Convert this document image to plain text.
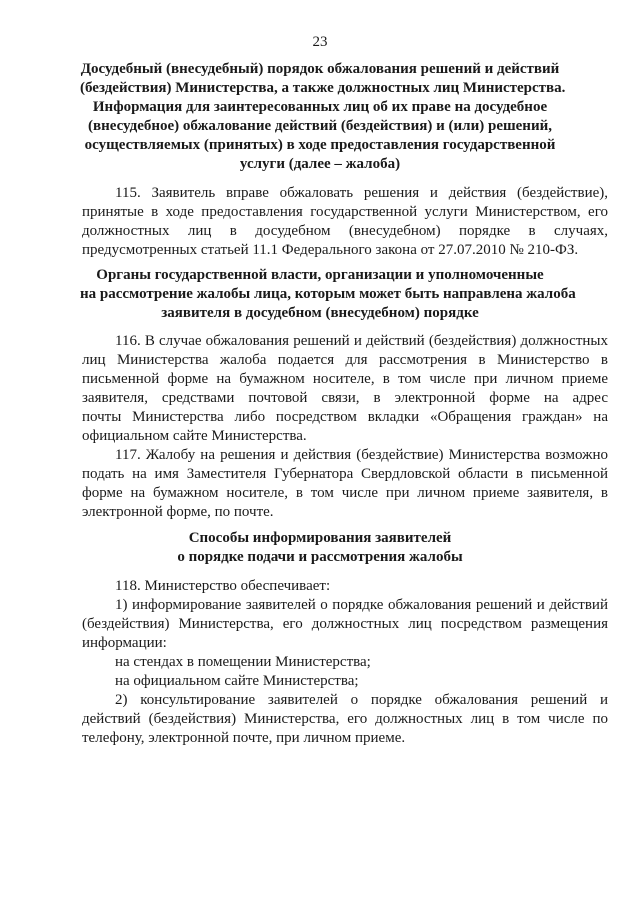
23
Досудебный (внесудебный) порядок обжалования решений и действий
(бездействия) Министерства, а также должностных лиц Министерства.
Информация для заинтересованных лиц об их праве на досудебное
(внесудебное) обжалование действий (бездействия) и (или) решений,
осуществляемых (принятых) в ходе предоставления государственной
услуги (далее – жалоба)
115. Заявитель вправе обжаловать решения и действия (бездействие),
принятые в ходе предоставления государственной услуги Министерством, его
должностных лиц в досудебном (внесудебном) порядке в случаях,
предусмотренных статьей 11.1 Федерального закона от 27.07.2010 № 210-ФЗ.
Органы государственной власти, организации и уполномоченные
на рассмотрение жалобы лица, которым может быть направлена жалоба
заявителя в досудебном (внесудебном) порядке
116. В случае обжалования решений и действий (бездействия) должностных
лиц Министерства жалоба подается для рассмотрения в Министерство в
письменной форме на бумажном носителе, в том числе при личном приеме
заявителя, средствами почтовой связи, в электронной форме на адрес
почты Министерства либо посредством вкладки «Обращения граждан» на
официальном сайте Министерства.
117. Жалобу на решения и действия (бездействие) Министерства возможно
подать на имя Заместителя Губернатора Свердловской области в письменной
форме на бумажном носителе, в том числе при личном приеме заявителя, в
электронной форме, по почте.
Способы информирования заявителей
о порядке подачи и рассмотрения жалобы
118. Министерство обеспечивает:
1) информирование заявителей о порядке обжалования решений и действий
(бездействия) Министерства, его должностных лиц посредством размещения
информации:
на стендах в помещении Министерства;
на официальном сайте Министерства;
2) консультирование заявителей о порядке обжалования решений и
действий (бездействия) Министерства, его должностных лиц в том числе по
телефону, электронной почте, при личном приеме.
